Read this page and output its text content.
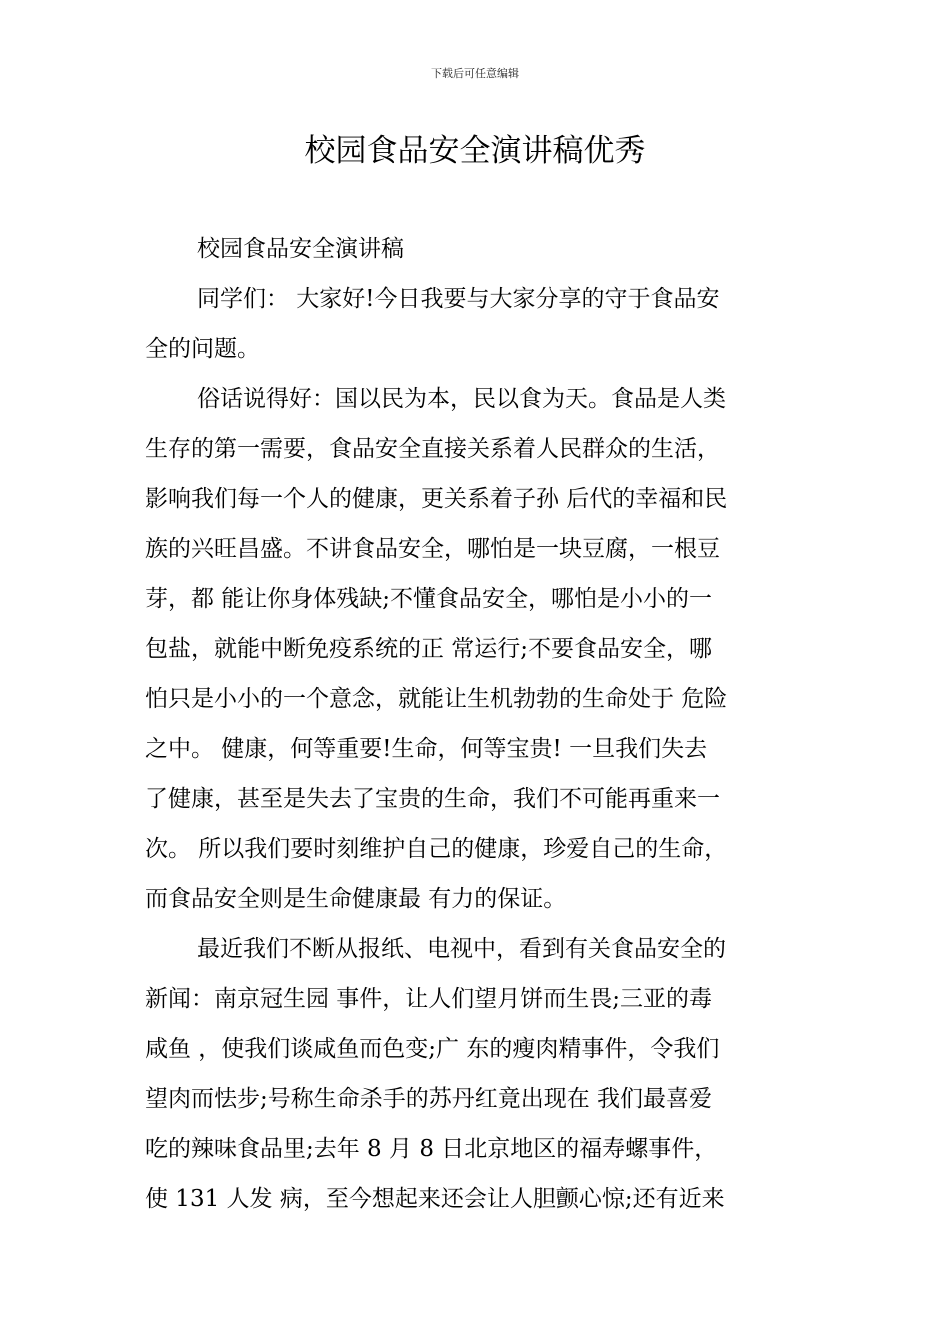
下载后可任意编辑
校园食品安全演讲稿优秀

校园食品安全演讲稿

同学们： 大家好!今日我要与大家分享的守于食品安
全的问题。

俗话说得好：国以民为本，民以食为天。食品是人类
生存的第一需要，食品安全直接关系着人民群众的生活，
影响我们每一个人的健康，更关系着子孙 后代的幸福和民
族的兴旺昌盛。不讲食品安全，哪怕是一块豆腐，一根豆
芽，都 能让你身体残缺;不懂食品安全，哪怕是小小的一
包盐，就能中断免疫系统的正 常运行;不要食品安全，哪
怕只是小小的一个意念，就能让生机勃勃的生命处于 危险
之中。 健康，何等重要!生命，何等宝贵! 一旦我们失去
了健康，甚至是失去了宝贵的生命，我们不可能再重来一
次。 所以我们要时刻维护自己的健康，珍爱自己的生命，
而食品安全则是生命健康最 有力的保证。

最近我们不断从报纸、电视中，看到有关食品安全的
新闻：南京冠生园 事件，让人们望月饼而生畏;三亚的毒
咸鱼 ，使我们谈咸鱼而色变;广 东的瘦肉精事件，令我们
望肉而怯步;号称生命杀手的苏丹红竟出现在 我们最喜爱
吃的辣味食品里;去年 8 月 8 日北京地区的福寿螺事件，
使 131 人发 病，至今想起来还会让人胆颤心惊;还有近来
